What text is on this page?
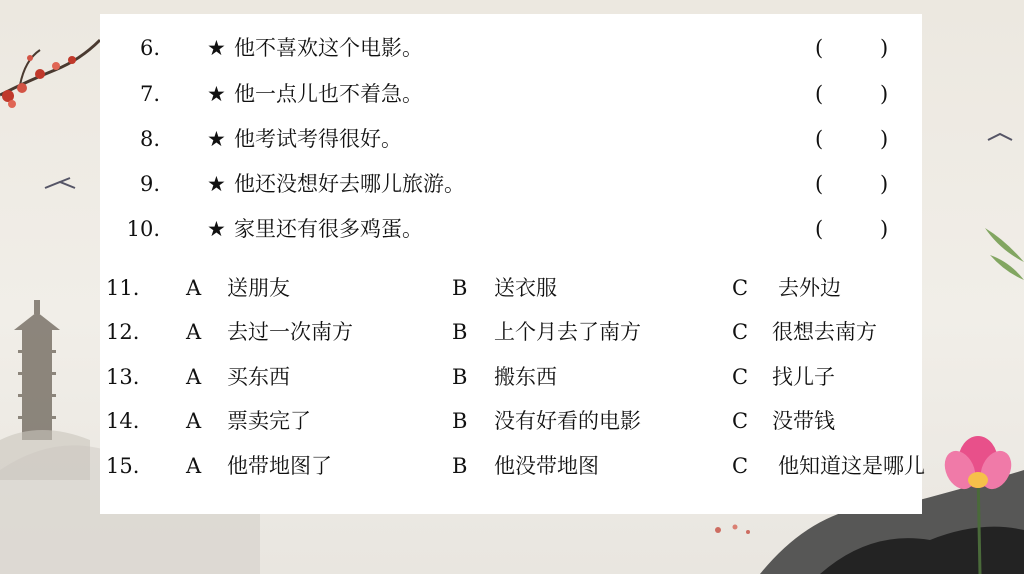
6. ★ 他不喜欢这个电影。	(	)
7. ★ 他一点儿也不着急。	(	)
8. ★ 他考试考得很好。	(	)
9. ★ 他还没想好去哪儿旅游。	(	)
10. ★ 家里还有很多鸡蛋。	(	)
11. A 送朋友	B 送衣服	C 去外边
12. A 去过一次南方	B 上个月去了南方	C 很想去南方
13. A 买东西	B 搬东西	C 找儿子
14. A 票卖完了	B 没有好看的电影	C 没带钱
15. A 他带地图了	B 他没带地图	C 他知道这是哪儿
